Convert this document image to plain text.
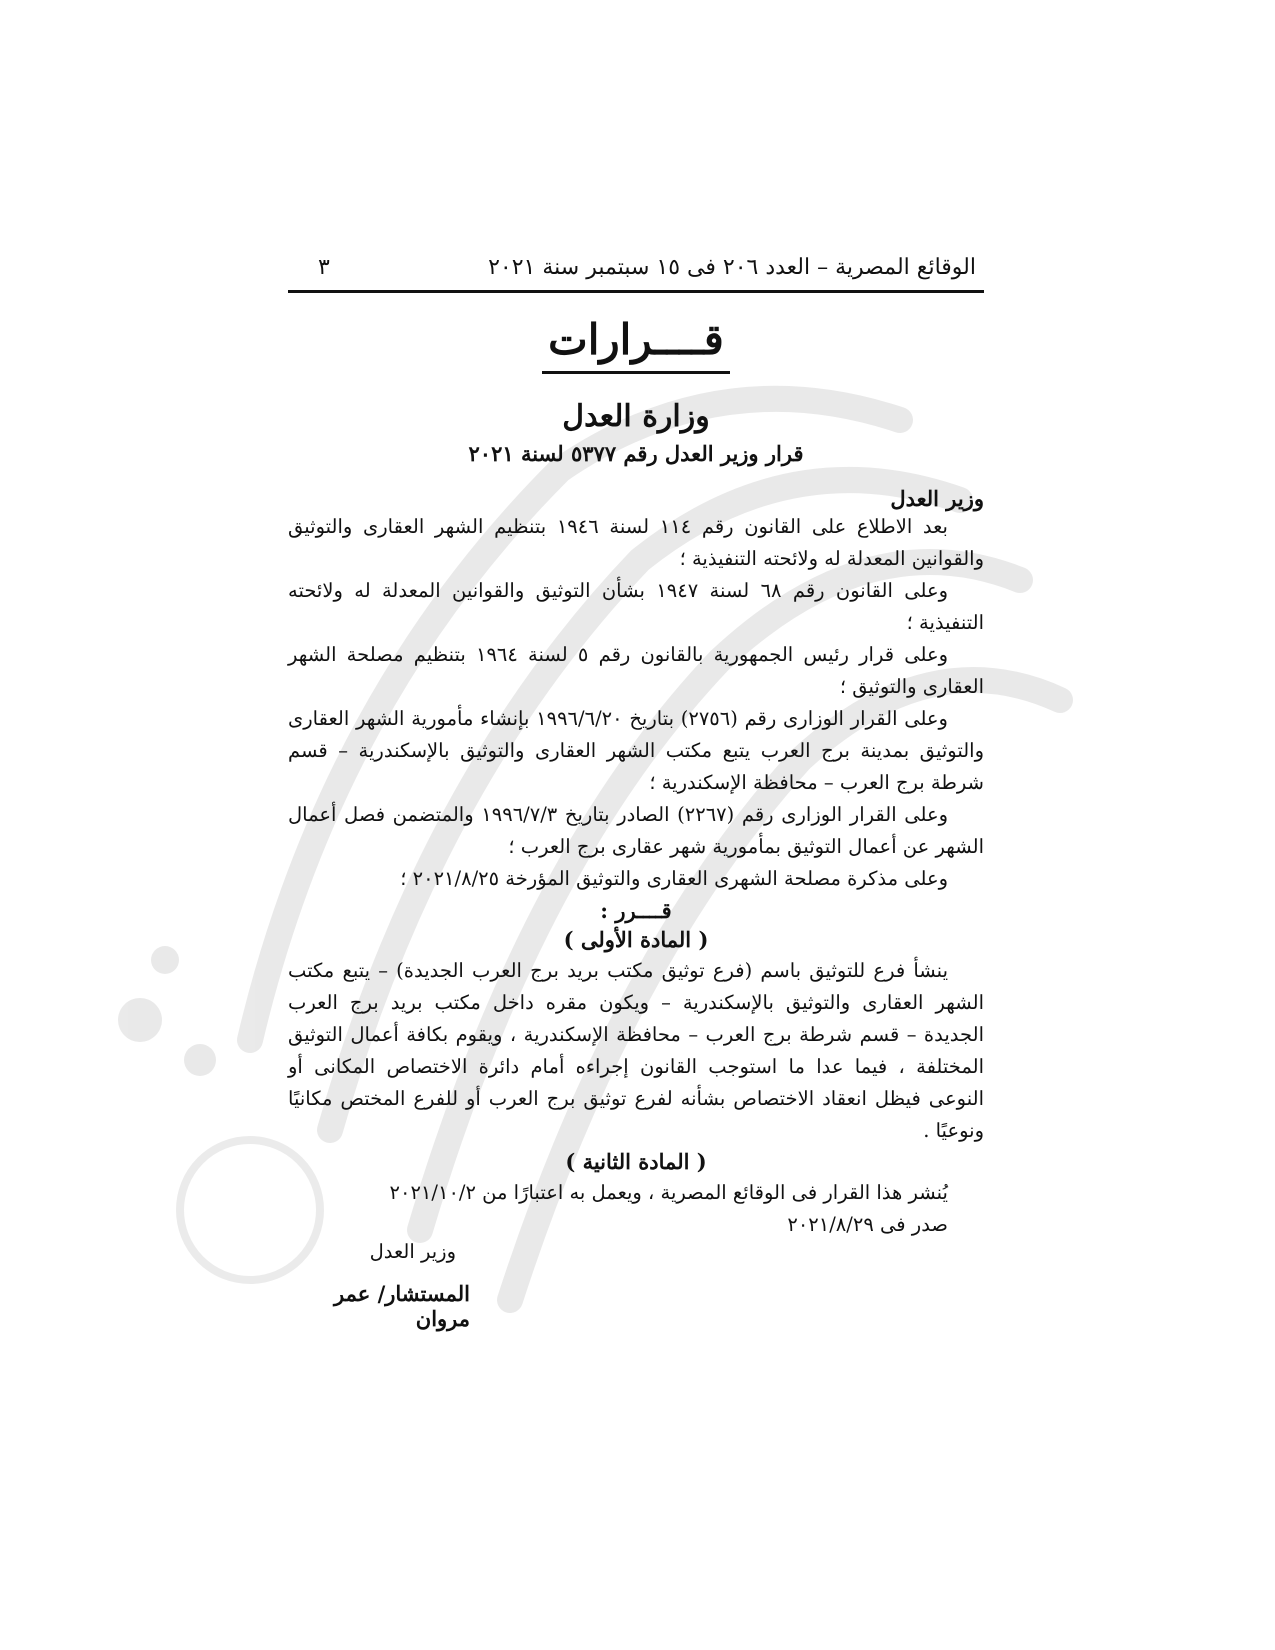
الوقائع المصرية – العدد ٢٠٦ فى ١٥ سبتمبر سنة ٢٠٢١
٣
قــــرارات
وزارة العدل
قرار وزير العدل رقم ٥٣٧٧ لسنة ٢٠٢١
وزير العدل
بعد الاطلاع على القانون رقم ١١٤ لسنة ١٩٤٦ بتنظيم الشهر العقارى والتوثيق والقوانين المعدلة له ولائحته التنفيذية ؛
وعلى القانون رقم ٦٨ لسنة ١٩٤٧ بشأن التوثيق والقوانين المعدلة له ولائحته التنفيذية ؛
وعلى قرار رئيس الجمهورية بالقانون رقم ٥ لسنة ١٩٦٤ بتنظيم مصلحة الشهر العقارى والتوثيق ؛
وعلى القرار الوزارى رقم (٢٧٥٦) بتاريخ ١٩٩٦/٦/٢٠ بإنشاء مأمورية الشهر العقارى والتوثيق بمدينة برج العرب يتبع مكتب الشهر العقارى والتوثيق بالإسكندرية – قسم شرطة برج العرب – محافظة الإسكندرية ؛
وعلى القرار الوزارى رقم (٢٢٦٧) الصادر بتاريخ ١٩٩٦/٧/٣ والمتضمن فصل أعمال الشهر عن أعمال التوثيق بمأمورية شهر عقارى برج العرب ؛
وعلى مذكرة مصلحة الشهرى العقارى والتوثيق المؤرخة ٢٠٢١/٨/٢٥ ؛
قــــرر :
( المادة الأولى )
ينشأ فرع للتوثيق باسم (فرع توثيق مكتب بريد برج العرب الجديدة) – يتبع مكتب الشهر العقارى والتوثيق بالإسكندرية – ويكون مقره داخل مكتب بريد برج العرب الجديدة – قسم شرطة برج العرب – محافظة الإسكندرية ، ويقوم بكافة أعمال التوثيق المختلفة ، فيما عدا ما استوجب القانون إجراءه أمام دائرة الاختصاص المكانى أو النوعى فيظل انعقاد الاختصاص بشأنه لفرع توثيق برج العرب أو للفرع المختص مكانيًا ونوعيًا .
( المادة الثانية )
يُنشر هذا القرار فى الوقائع المصرية ، ويعمل به اعتبارًا من ٢٠٢١/١٠/٢
صدر فى ٢٠٢١/٨/٢٩
وزير العدل
المستشار/ عمر مروان
